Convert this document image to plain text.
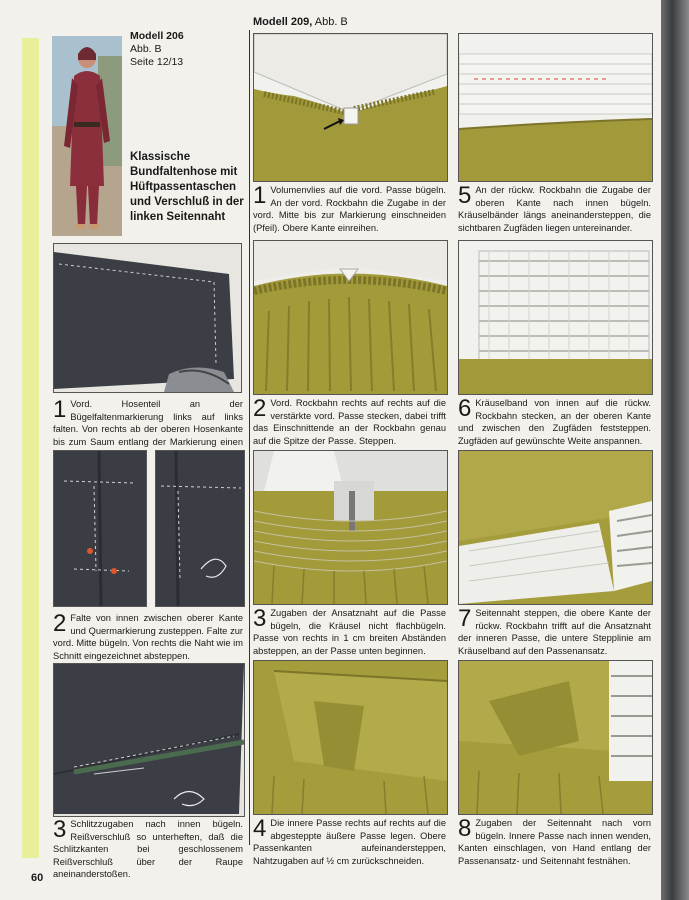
Modell 209, Abb. B
Modell 206
Abb. B
Seite 12/13
Klassische Bundfaltenhose mit Hüftpassentaschen und Verschluß in der linken Seitennaht
1 Vord. Hosenteil an der Bügelfaltenmarkierung links auf links falten. Von rechts ab der oberen Hosenkante bis zum Saum entlang der Markierung einen
2 Falte von innen zwischen oberer Kante und Quermarkierung zusteppen. Falte zur vord. Mitte bügeln. Von rechts die Naht wie im Schnitt eingezeichnet absteppen.
3 Schlitzzugaben nach innen bügeln. Reißverschluß so unterheften, daß die Schlitzkanten bei geschlossenem Reißverschluß über der Raupe aneinanderstoßen.
1 Volumenvlies auf die vord. Passe bügeln. An der vord. Rockbahn die Zugabe in der vord. Mitte bis zur Markierung einschneiden (Pfeil). Obere Kante einreihen.
2 Vord. Rockbahn rechts auf rechts auf die verstärkte vord. Passe stecken, dabei trifft das Einschnittende an der Rockbahn genau auf die Spitze der Passe. Steppen.
3 Zugaben der Ansatznaht auf die Passe bügeln, die Kräusel nicht flachbügeln. Passe von rechts in 1 cm breiten Abständen absteppen, an der Passe unten beginnen.
4 Die innere Passe rechts auf rechts auf die abgesteppte äußere Passe legen. Obere Passenkanten aufeinandersteppen, Nahtzugaben auf ½ cm zurückschneiden.
5 An der rückw. Rockbahn die Zugabe der oberen Kante nach innen bügeln. Kräuselbänder längs aneinandersteppen, die sichtbaren Zugfäden liegen untereinander.
6 Kräuselband von innen auf die rückw. Rockbahn stecken, an der oberen Kante und zwischen den Zugfäden feststeppen. Zugfäden auf gewünschte Weite anspannen.
7 Seitennaht steppen, die obere Kante der rückw. Rockbahn trifft auf die Ansatznaht der inneren Passe, die untere Stepplinie am Kräuselband auf den Passenansatz.
8 Zugaben der Seitennaht nach vorn bügeln. Innere Passe nach innen wenden, Kanten einschlagen, von Hand entlang der Passenansatz- und Seitennaht festnähen.
60
